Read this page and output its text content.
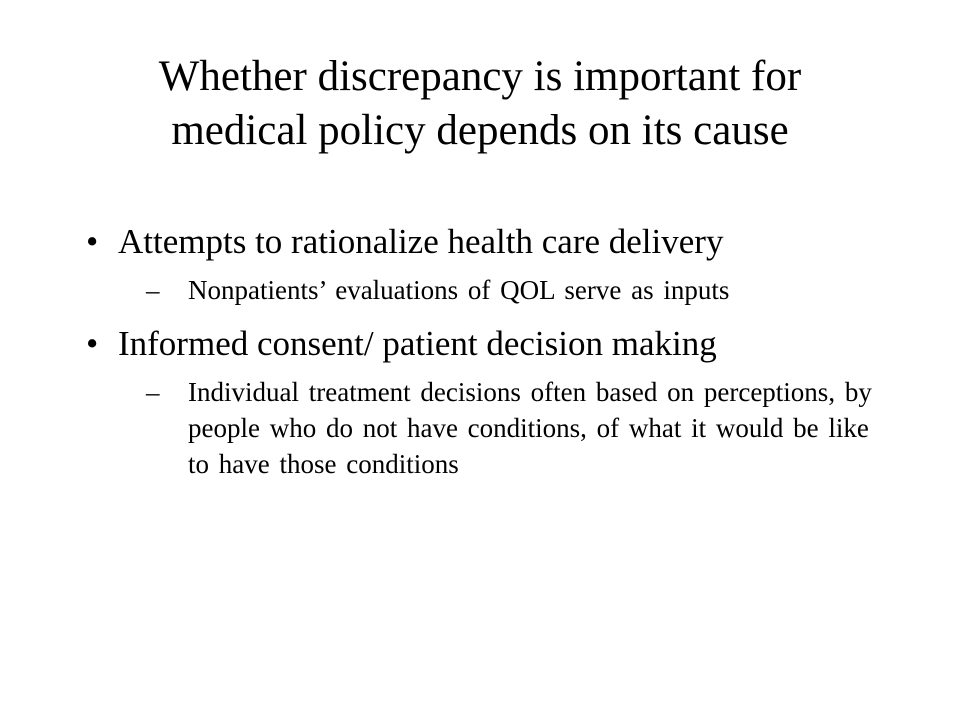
Whether discrepancy is important for
medical policy depends on its cause
• Attempts to rationalize health care delivery
– Nonpatients’ evaluations of QOL serve as inputs
• Informed consent/ patient decision making
– Individual treatment decisions often based on perceptions, by people who do not have conditions, of what it would be like to have those conditions
